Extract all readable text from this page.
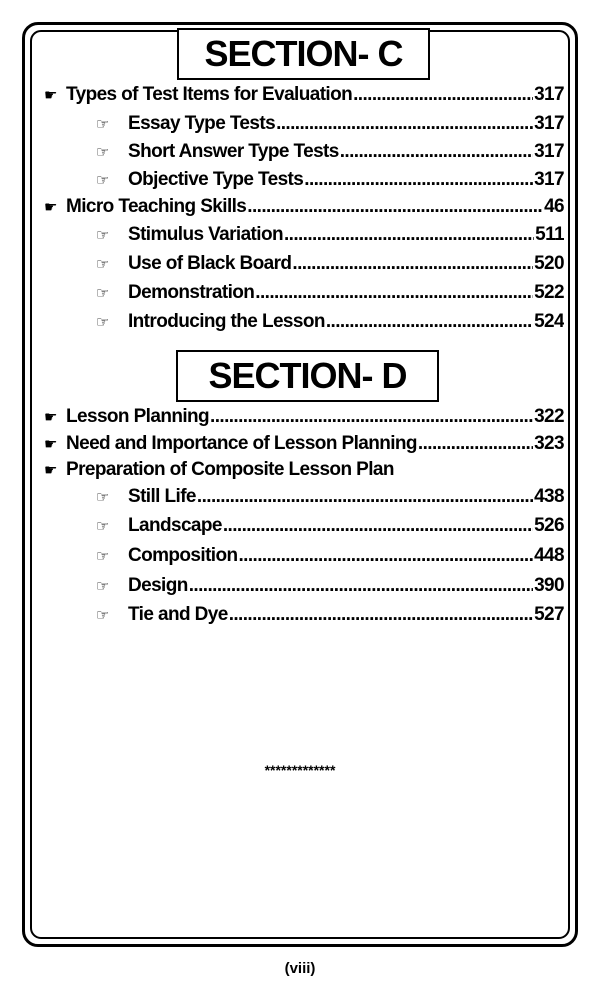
SECTION- C
☛ Types of Test Items for Evaluation .....	317
☞	Essay Type Tests .....	317
☞	Short Answer Type Tests .....	317
☞	Objective Type Tests .....	317
☛ Micro Teaching Skills .....	46
☞	Stimulus Variation .....	511
☞	Use of Black Board .....	520
☞	Demonstration .....	522
☞	Introducing the Lesson .....	524
SECTION- D
☛ Lesson Planning .....	322
☛ Need and Importance of Lesson Planning .....	323
☛ Preparation of Composite Lesson Plan
☞	Still Life .....	438
☞	Landscape .....	526
☞	Composition .....	448
☞	Design .....	390
☞	Tie and Dye .....	527
*************
(viii)
